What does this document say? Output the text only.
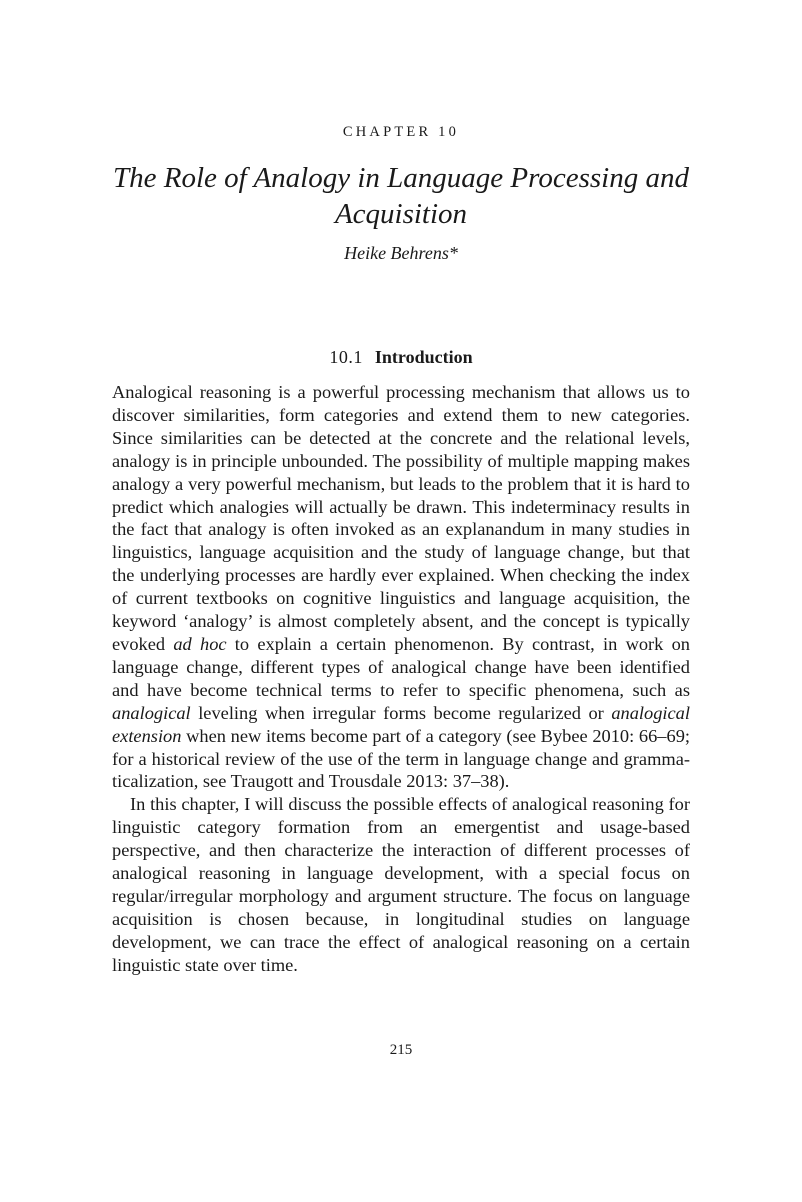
CHAPTER 10
The Role of Analogy in Language Processing and Acquisition
Heike Behrens*
10.1 Introduction

Analogical reasoning is a powerful processing mechanism that allows us to discover similarities, form categories and extend them to new categories. Since similarities can be detected at the concrete and the relational levels, analogy is in principle unbounded. The possibility of multiple mapping makes analogy a very powerful mechanism, but leads to the problem that it is hard to predict which analogies will actually be drawn. This indeterminacy results in the fact that analogy is often invoked as an explanandum in many studies in linguistics, language acquisition and the study of language change, but that the underlying processes are hardly ever explained. When checking the index of current textbooks on cognitive linguistics and language acquisition, the keyword ‘analogy’ is almost completely absent, and the concept is typically evoked ad hoc to explain a certain phenomenon. By contrast, in work on language change, different types of analogical change have been identified and have become technical terms to refer to specific phenomena, such as analogical leveling when irregular forms become regularized or analogical extension when new items become part of a category (see Bybee 2010: 66–69; for a historical review of the use of the term in language change and grammaticalization, see Traugott and Trousdale 2013: 37–38).

In this chapter, I will discuss the possible effects of analogical reasoning for linguistic category formation from an emergentist and usage-based perspective, and then characterize the interaction of different processes of analogical reasoning in language development, with a special focus on regular/irregular morphology and argument structure. The focus on language acquisition is chosen because, in longitudinal studies on language development, we can trace the effect of analogical reasoning on a certain linguistic state over time.

215
